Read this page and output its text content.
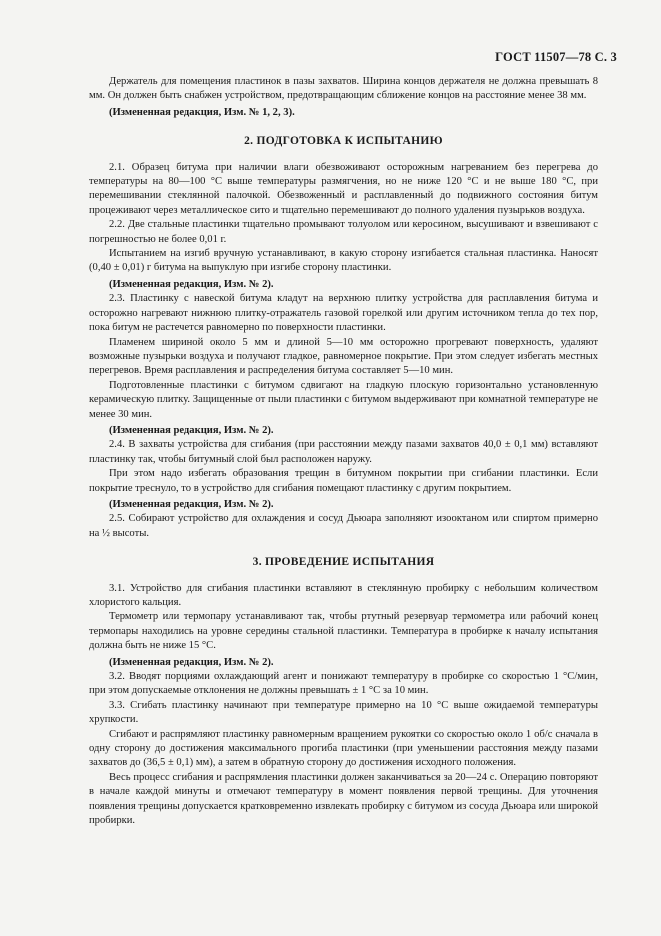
ГОСТ 11507—78 С. 3

Держатель для помещения пластинок в пазы захватов. Ширина концов держателя не должна превышать 8 мм. Он должен быть снабжен устройством, предотвращающим сближение концов на расстояние менее 38 мм.

(Измененная редакция, Изм. № 1, 2, 3).

2. ПОДГОТОВКА К ИСПЫТАНИЮ

2.1. Образец битума при наличии влаги обезвоживают осторожным нагреванием без перегрева до температуры на 80—100 °С выше температуры размягчения, но не ниже 120 °С и не выше 180 °С, при перемешивании стеклянной палочкой. Обезвоженный и расплавленный до подвижного состояния битум процеживают через металлическое сито и тщательно перемешивают до полного удаления пузырьков воздуха.

2.2. Две стальные пластинки тщательно промывают толуолом или керосином, высушивают и взвешивают с погрешностью не более 0,01 г.

Испытанием на изгиб вручную устанавливают, в какую сторону изгибается стальная пластинка. Наносят (0,40 ± 0,01) г битума на выпуклую при изгибе сторону пластинки.

(Измененная редакция, Изм. № 2).

2.3. Пластинку с навеской битума кладут на верхнюю плитку устройства для расплавления битума и осторожно нагревают нижнюю плитку-отражатель газовой горелкой или другим источником тепла до тех пор, пока битум не растечется равномерно по поверхности пластинки.

Пламенем шириной около 5 мм и длиной 5—10 мм осторожно прогревают поверхность, удаляют возможные пузырьки воздуха и получают гладкое, равномерное покрытие. При этом следует избегать местных перегревов. Время расплавления и распределения битума составляет 5—10 мин.

Подготовленные пластинки с битумом сдвигают на гладкую плоскую горизонтально установленную керамическую плитку. Защищенные от пыли пластинки с битумом выдерживают при комнатной температуре не менее 30 мин.

(Измененная редакция, Изм. № 2).

2.4. В захваты устройства для сгибания (при расстоянии между пазами захватов 40,0 ± 0,1 мм) вставляют пластинку так, чтобы битумный слой был расположен наружу.

При этом надо избегать образования трещин в битумном покрытии при сгибании пластинки. Если покрытие треснуло, то в устройство для сгибания помещают пластинку с другим покрытием.

(Измененная редакция, Изм. № 2).

2.5. Собирают устройство для охлаждения и сосуд Дьюара заполняют изооктаном или спиртом примерно на ½ высоты.

3. ПРОВЕДЕНИЕ ИСПЫТАНИЯ

3.1. Устройство для сгибания пластинки вставляют в стеклянную пробирку с небольшим количеством хлористого кальция.

Термометр или термопару устанавливают так, чтобы ртутный резервуар термометра или рабочий конец термопары находились на уровне середины стальной пластинки. Температура в пробирке к началу испытания должна быть не ниже 15 °С.

(Измененная редакция, Изм. № 2).

3.2. Вводят порциями охлаждающий агент и понижают температуру в пробирке со скоростью 1 °С/мин, при этом допускаемые отклонения не должны превышать ± 1 °С за 10 мин.

3.3. Сгибать пластинку начинают при температуре примерно на 10 °С выше ожидаемой температуры хрупкости.

Сгибают и распрямляют пластинку равномерным вращением рукоятки со скоростью около 1 об/с сначала в одну сторону до достижения максимального прогиба пластинки (при уменьшении расстояния между пазами захватов до (36,5 ± 0,1) мм), а затем в обратную сторону до достижения исходного положения.

Весь процесс сгибания и распрямления пластинки должен заканчиваться за 20—24 с. Операцию повторяют в начале каждой минуты и отмечают температуру в момент появления первой трещины. Для уточнения появления трещины допускается кратковременно извлекать пробирку с битумом из сосуда Дьюара или широкой пробирки.
